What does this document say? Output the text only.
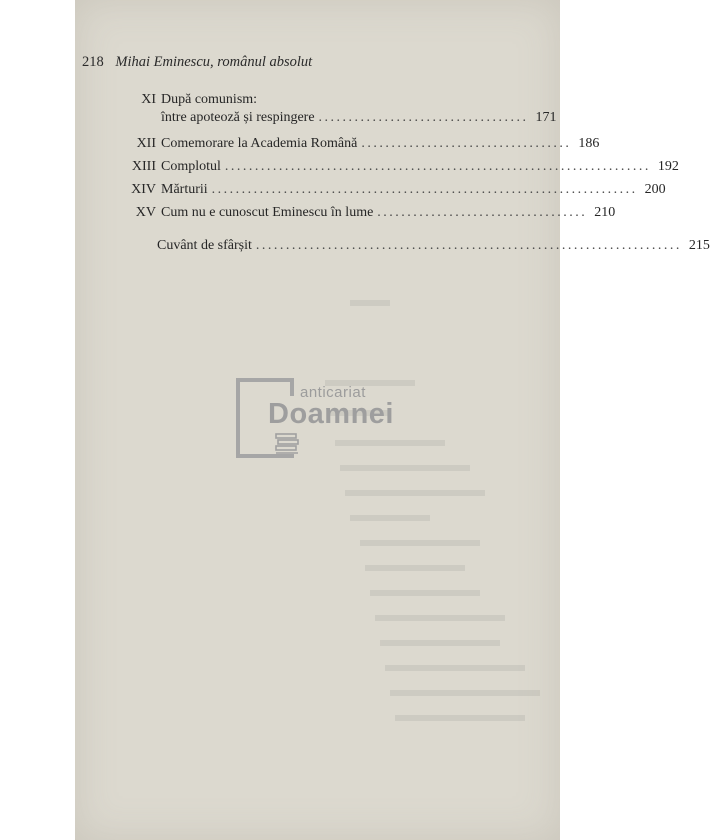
218 Mihai Eminescu, românul absolut
XI După comunism:
între apoteoză și respingere ................................... 171
XII Comemorare la Academia Română ................................... 186
XIII Complotul ....................................................................... 192
XIV Mărturii ....................................................................... 200
XV Cum nu e cunoscut Eminescu în lume ................................... 210
Cuvânt de sfârșit ....................................................................... 215
anticariat
Doamnei
